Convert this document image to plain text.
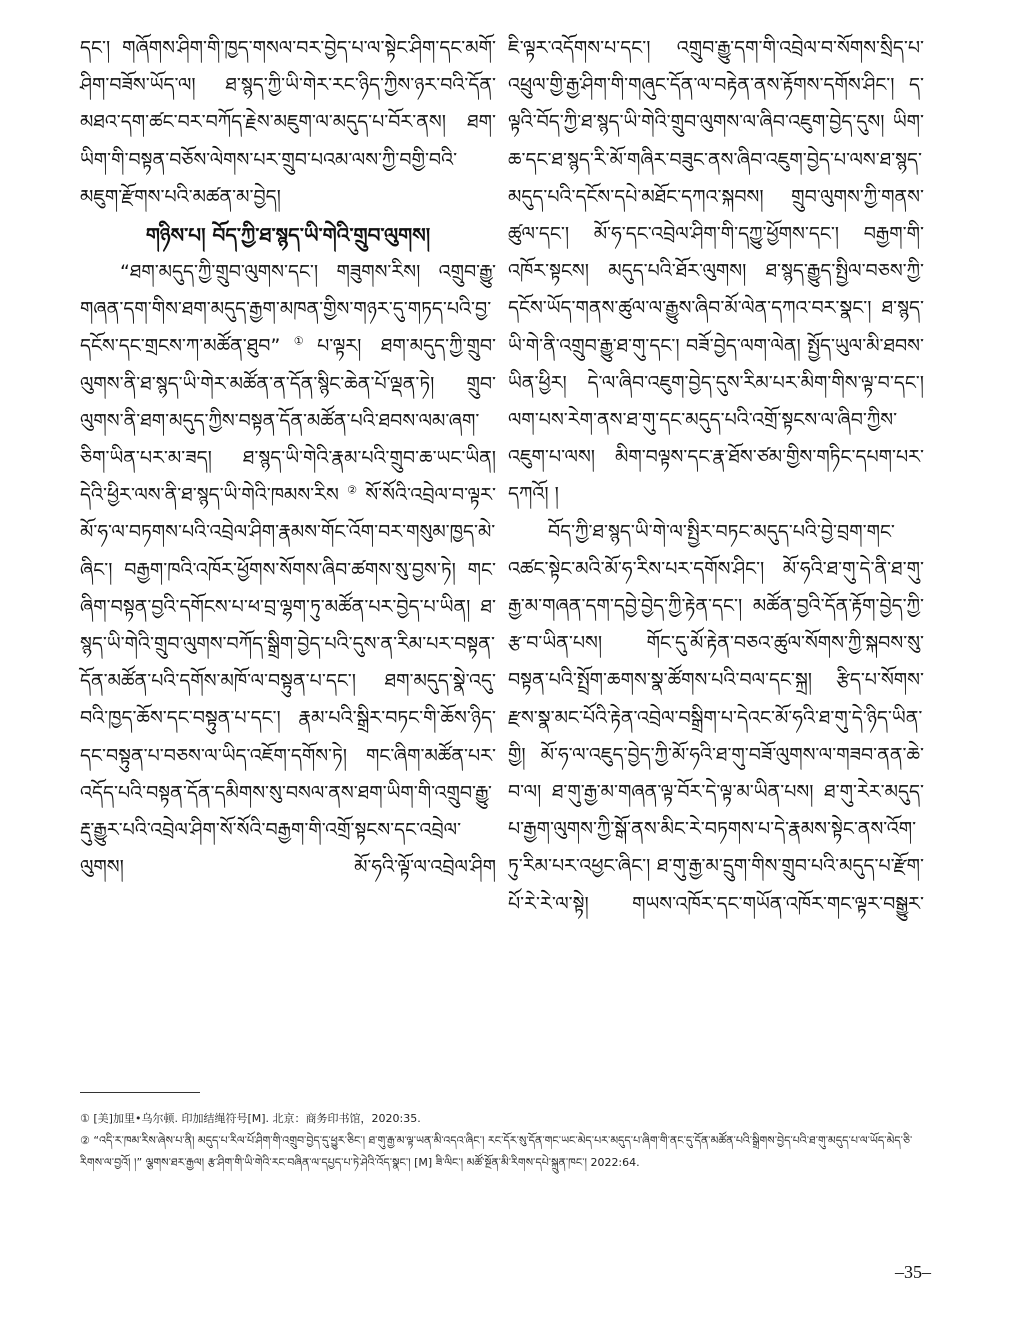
དང་། གཞོགས་ཤིག་གི་ཁྱད་གསལ་བར་བྱེད་པ་ལ་སྟེང་ཤིག་དང་མགོ་ཤིག་བཟོས་ཡོད་ལ། ཐ་སྙད་ཀྱི་ཡི་གེར་རང་ཉིད་ཀྱིས་ཉར་བའི་དོན་མཐའ་དག་ཚང་བར་བཀོད་རྗེས་མཇུག་ལ་མདུད་པ་བོར་ནས། ཐག་ཡིག་གི་བསྟན་བཅོས་ལེགས་པར་གྲུབ་པའམ་ལས་ཀྱི་བགྱི་བའི་མཇུག་རྫོགས་པའི་མཚན་མ་བྱེད།

གཉིས་པ། བོད་ཀྱི་ཐ་སྙད་ཡི་གེའི་གྲུབ་ལུགས།

“ཐག་མདུད་ཀྱི་གྲུབ་ལུགས་དང་། གཟུགས་རིས། འགྲུབ་རྒྱུ་གཞན་དག་གིས་ཐག་མདུད་རྒྱག་མཁན་གྱིས་གཉར་དུ་གཏད་པའི་བྱ་དངོས་དང་གྲངས་ཀ་མཚོན་ཐུབ”①པ་ལྟར། ཐག་མདུད་ཀྱི་གྲུབ་ལུགས་ནི་ཐ་སྙད་ཡི་གེར་མཚོན་ན་དོན་སྙིང་ཆེན་པོ་ལྡན་ཏེ། གྲུབ་ལུགས་ནི་ཐག་མདུད་ཀྱིས་བསྟན་དོན་མཚོན་པའི་ཐབས་ལམ་ཞག་ཅིག་ཡིན་པར་མ་ཟད། ཐ་སྙད་ཡི་གེའི་རྣམ་པའི་གྲུབ་ཆ་ཡང་ཡིན། དེའི་ཕྱིར་ལས་ནི་ཐ་སྙད་ཡི་གེའི་ཁམས་རིས②སོ་སོའི་འབྲེལ་བ་ལྟར་མོ་ཧ་ལ་བཏགས་པའི་འབྲེལ་ཤིག་རྣམས་གོང་འོག་བར་གསུམ་ཁྱད་མེ་ཞིང་། བརྒྱག་ཁའི་འཁོར་ཕྱོགས་སོགས་ཞིབ་ཚགས་སུ་བྱས་ཏེ། གང་ཞིག་བསྟན་བྱའི་དགོངས་པ་ཕ་བྲ་ལྷག་ཏུ་མཚོན་པར་བྱེད་པ་ཡིན། ཐ་སྙད་ཡི་གེའི་གྲུབ་ལུགས་བཀོད་སྒྲིག་བྱེད་པའི་དུས་ན་རིམ་པར་བསྟན་དོན་མཚོན་པའི་དགོས་མཁོ་ལ་བསྟུན་པ་དང་། ཐག་མདུད་སྣེ་འདུ་བའི་ཁྱད་ཆོས་དང་བསྟུན་པ་དང་། རྣམ་པའི་སྒྲིར་བཏང་གི་ཆོས་ཉིད་དང་བསྟུན་པ་བཅས་ལ་ཡིད་འཇོག་དགོས་ཏེ། གང་ཞིག་མཚོན་པར་འདོད་པའི་བསྟན་དོན་དམིགས་སུ་བསལ་ནས་ཐག་ཡིག་གི་འགྲུབ་རྒྱུ་རྡུ་རྒྱུར་པའི་འབྲེལ་ཤིག་སོ་སོའི་བརྒྱག་གི་འགྲོ་སྟངས་དང་འབྲེལ་ལུགས། མོ་ཧའི་ལྟོ་ལ་འབྲེལ་ཤིག

ཇི་ལྟར་འདོགས་པ་དང་། འགྲུབ་རྒྱུ་དག་གི་འབྲེལ་བ་སོགས་སྲིད་པ་འཕྲུལ་གྱི་རྒྱ་ཤིག་གི་གཞུང་དོན་ལ་བརྟེན་ནས་རྟོགས་དགོས་ཤིང་། ད་ལྟའི་བོད་ཀྱི་ཐ་སྙད་ཡི་གེའི་གྲུབ་ལུགས་ལ་ཞིབ་འཇུག་བྱེད་དུས། ཡིག་ཆ་དང་ཐ་སྙད་རི་མོ་གཞིར་བཟུང་ནས་ཞིབ་འཇུག་བྱེད་པ་ལས་ཐ་སྙད་མདུད་པའི་དངོས་དཔེ་མཐོང་དཀའ་སྐབས། གྲུབ་ལུགས་ཀྱི་གནས་ཚུལ་དང་། མོ་ཧ་དང་འབྲེལ་ཤིག་གི་དཀྱུ་ཕྱོགས་དང་། བརྒྱག་གི་འཁོར་སྟངས། མདུད་པའི་ཐོར་ལུགས། ཐ་སྙད་རྒྱུད་སྤྱིལ་བཅས་ཀྱི་དངོས་ཡོད་གནས་ཚུལ་ལ་རྒྱུས་ཞིབ་མོ་ལེན་དཀའ་བར་སྣང་། ཐ་སྙད་ཡི་གེ་ནི་འགྲུབ་རྒྱུ་ཐ་གུ་དང་། བཟོ་བྱེད་ལག་ལེན། སྤྱོད་ཡུལ་མི་ཐབས་ཡིན་ཕྱིར། དེ་ལ་ཞིབ་འཇུག་བྱེད་དུས་རིམ་པར་མིག་གིས་ལྟ་བ་དང་། ལག་པས་རེག་ནས་ཐ་གུ་དང་མདུད་པའི་འགྲོ་སྟངས་ལ་ཞིབ་ཀྱིས་འཇུག་པ་ལས། མིག་བལྟས་དང་རྣ་ཐོས་ཙམ་གྱིས་གཏིང་དཔག་པར་དཀའོ། །

བོད་ཀྱི་ཐ་སྙད་ཡི་གེ་ལ་སྤྱིར་བཏང་མདུད་པའི་བྱེ་བྲག་གང་འཚང་སྟེང་མའི་མོ་ཧ་རིས་པར་དགོས་ཤིང་། མོ་ཧའི་ཐ་གུ་དེ་ནི་ཐ་གུ་རྒྱ་མ་གཞན་དག་དབྱེ་བྱེད་ཀྱི་རྟེན་དང་། མཚོན་བྱའི་དོན་རྟོག་བྱེད་ཀྱི་རྩ་བ་ཡིན་པས། གོང་དུ་མོ་རྟེན་བཅའ་ཚུལ་སོགས་ཀྱི་སྐབས་སུ་བསྟན་པའི་སྤྲོག་ཆགས་སྣ་ཚོགས་པའི་བལ་དང་སྐྲ། རྩིད་པ་སོགས་རྫས་སྣ་མང་པོའི་རྟེན་འབྲེལ་བསྒྲིག་པ་དེའང་མོ་ཧའི་ཐ་གུ་དེ་ཉིད་ཡིན་གྱི། མོ་ཧ་ལ་འཇུད་བྱེད་ཀྱི་མོ་ཧའི་ཐ་གུ་བཟོ་ལུགས་ལ་གཟབ་ནན་ཆེ་བ་ལ། ཐ་གུ་རྒྱ་མ་གཞན་ལྟ་བོར་དེ་ལྟ་མ་ཡིན་པས། ཐ་གུ་རེར་མདུད་པ་རྒྱག་ལུགས་ཀྱི་སྒོ་ནས་མིང་རེ་བཏགས་པ་དེ་རྣམས་སྟེང་ནས་འོག་ཏུ་རིམ་པར་འཕྱང་ཞིང་། ཐ་གུ་རྒྱ་མ་དྲུག་གིས་གྲུབ་པའི་མདུད་པ་རྫོག་པོ་རེ་རེ་ལ་སྟེ། གཡས་འཁོར་དང་གཡོན་འཁོར་གང་ལྟར་བསྒྱུར་

① [美]加里•乌尔顿. 印加结绳符号[M]. 北京：商务印书馆，2020:35.

② “འདི་ར་ཁམ་རིས་ཞེས་པ་ནི། མདུད་པ་རིལ་པོ་ཤིག་གི་འགྲུབ་བྱེད་དུ་ཕྱུར་ཅིང་། ཐ་གུ་རྒྱ་མ་ལྟ་ཡན་མི་འདའ་ཞིང་། རང་དོར་སུ་དོན་གང་ཡང་མེད་པར་མདུད་པ་ཞིག་གི་ནང་དུ་དོན་མཚོན་པའི་སྒྲིགས་བྱེད་པའི་ཐ་གུ་མདུད་པ་ལ་ཡོད་མེད་ཅི་རིགས་ལ་བྱའོ། །” ལྕགས་ཐར་རྒྱལ། རྩ་ཤིག་གི་ཡི་གེའི་རང་བཞིན་ལ་དཔྱད་པ་ཏེ་ཤེའི་འོད་སྣང་། [M] ཟི་ལིང་། མཚོ་སྔོན་མི་རིགས་དཔེ་སྐྲུན་ཁང་། 2022:64.

–35–
